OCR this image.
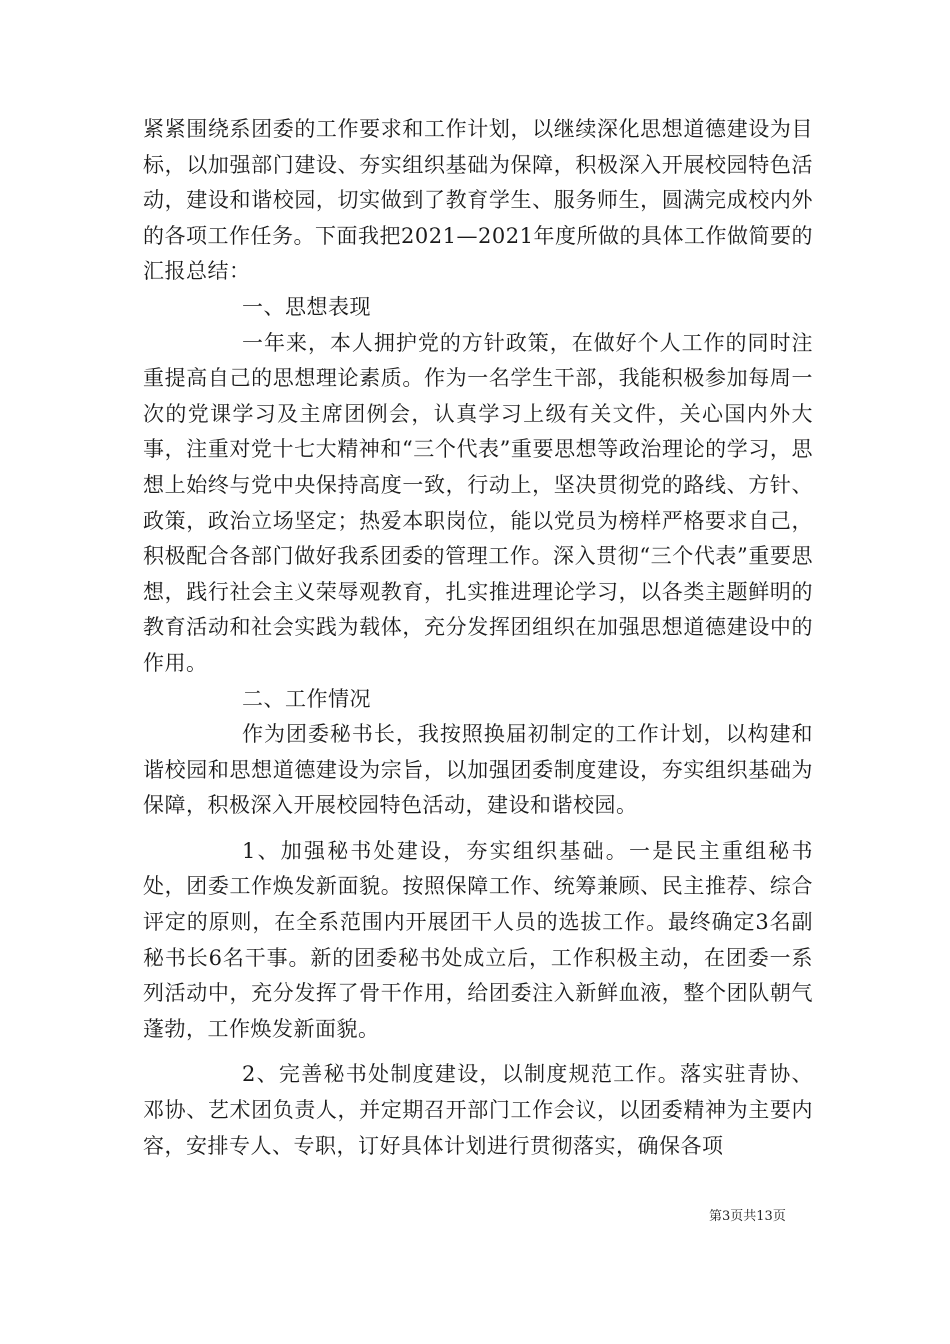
紧紧围绕系团委的工作要求和工作计划，以继续深化思想道德建设为目标，以加强部门建设、夯实组织基础为保障，积极深入开展校园特色活动，建设和谐校园，切实做到了教育学生、服务师生，圆满完成校内外的各项工作任务。下面我把2021—2021年度所做的具体工作做简要的汇报总结：

一、思想表现

一年来，本人拥护党的方针政策，在做好个人工作的同时注重提高自己的思想理论素质。作为一名学生干部，我能积极参加每周一次的党课学习及主席团例会，认真学习上级有关文件，关心国内外大事，注重对党十七大精神和“三个代表”重要思想等政治理论的学习，思想上始终与党中央保持高度一致，行动上，坚决贯彻党的路线、方针、政策，政治立场坚定；热爱本职岗位，能以党员为榜样严格要求自己，积极配合各部门做好我系团委的管理工作。深入贯彻“三个代表”重要思想，践行社会主义荣辱观教育，扎实推进理论学习，以各类主题鲜明的教育活动和社会实践为载体，充分发挥团组织在加强思想道德建设中的作用。

二、工作情况

作为团委秘书长，我按照换届初制定的工作计划，以构建和谐校园和思想道德建设为宗旨，以加强团委制度建设，夯实组织基础为保障，积极深入开展校园特色活动，建设和谐校园。

1、加强秘书处建设，夯实组织基础。一是民主重组秘书处，团委工作焕发新面貌。按照保障工作、统筹兼顾、民主推荐、综合评定的原则，在全系范围内开展团干人员的选拔工作。最终确定3名副秘书长6名干事。新的团委秘书处成立后，工作积极主动，在团委一系列活动中，充分发挥了骨干作用，给团委注入新鲜血液，整个团队朝气蓬勃，工作焕发新面貌。

2、完善秘书处制度建设，以制度规范工作。落实驻青协、邓协、艺术团负责人，并定期召开部门工作会议，以团委精神为主要内容，安排专人、专职，订好具体计划进行贯彻落实，确保各项

第3页共13页
